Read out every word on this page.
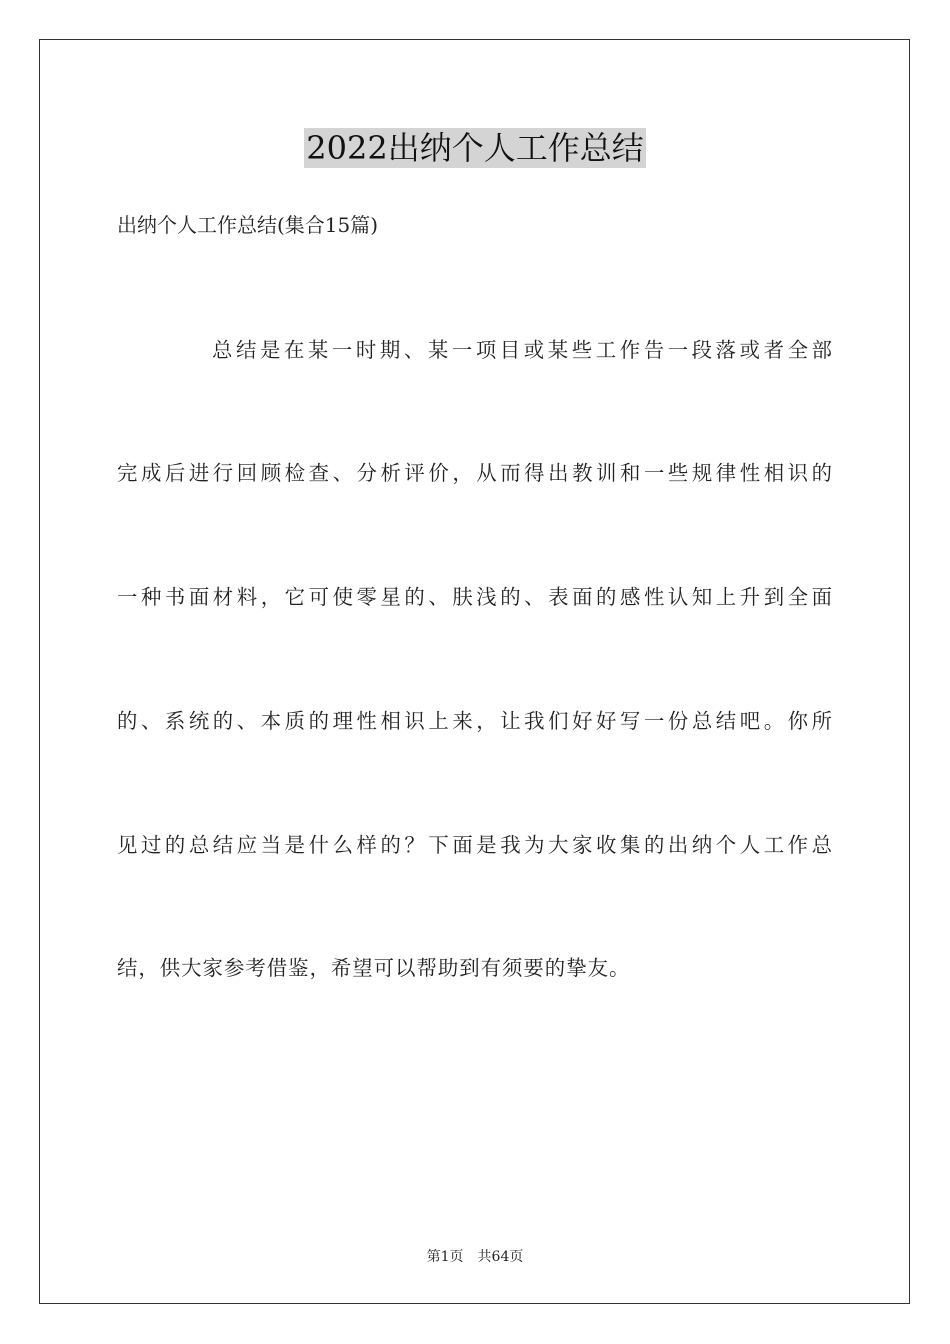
2022出纳个人工作总结
出纳个人工作总结(集合15篇)
总结是在某一时期、某一项目或某些工作告一段落或者全部
完成后进行回顾检查、分析评价，从而得出教训和一些规律性相识的
一种书面材料，它可使零星的、肤浅的、表面的感性认知上升到全面
的、系统的、本质的理性相识上来，让我们好好写一份总结吧。你所
见过的总结应当是什么样的？下面是我为大家收集的出纳个人工作总
结，供大家参考借鉴，希望可以帮助到有须要的挚友。
第1页 共64页
